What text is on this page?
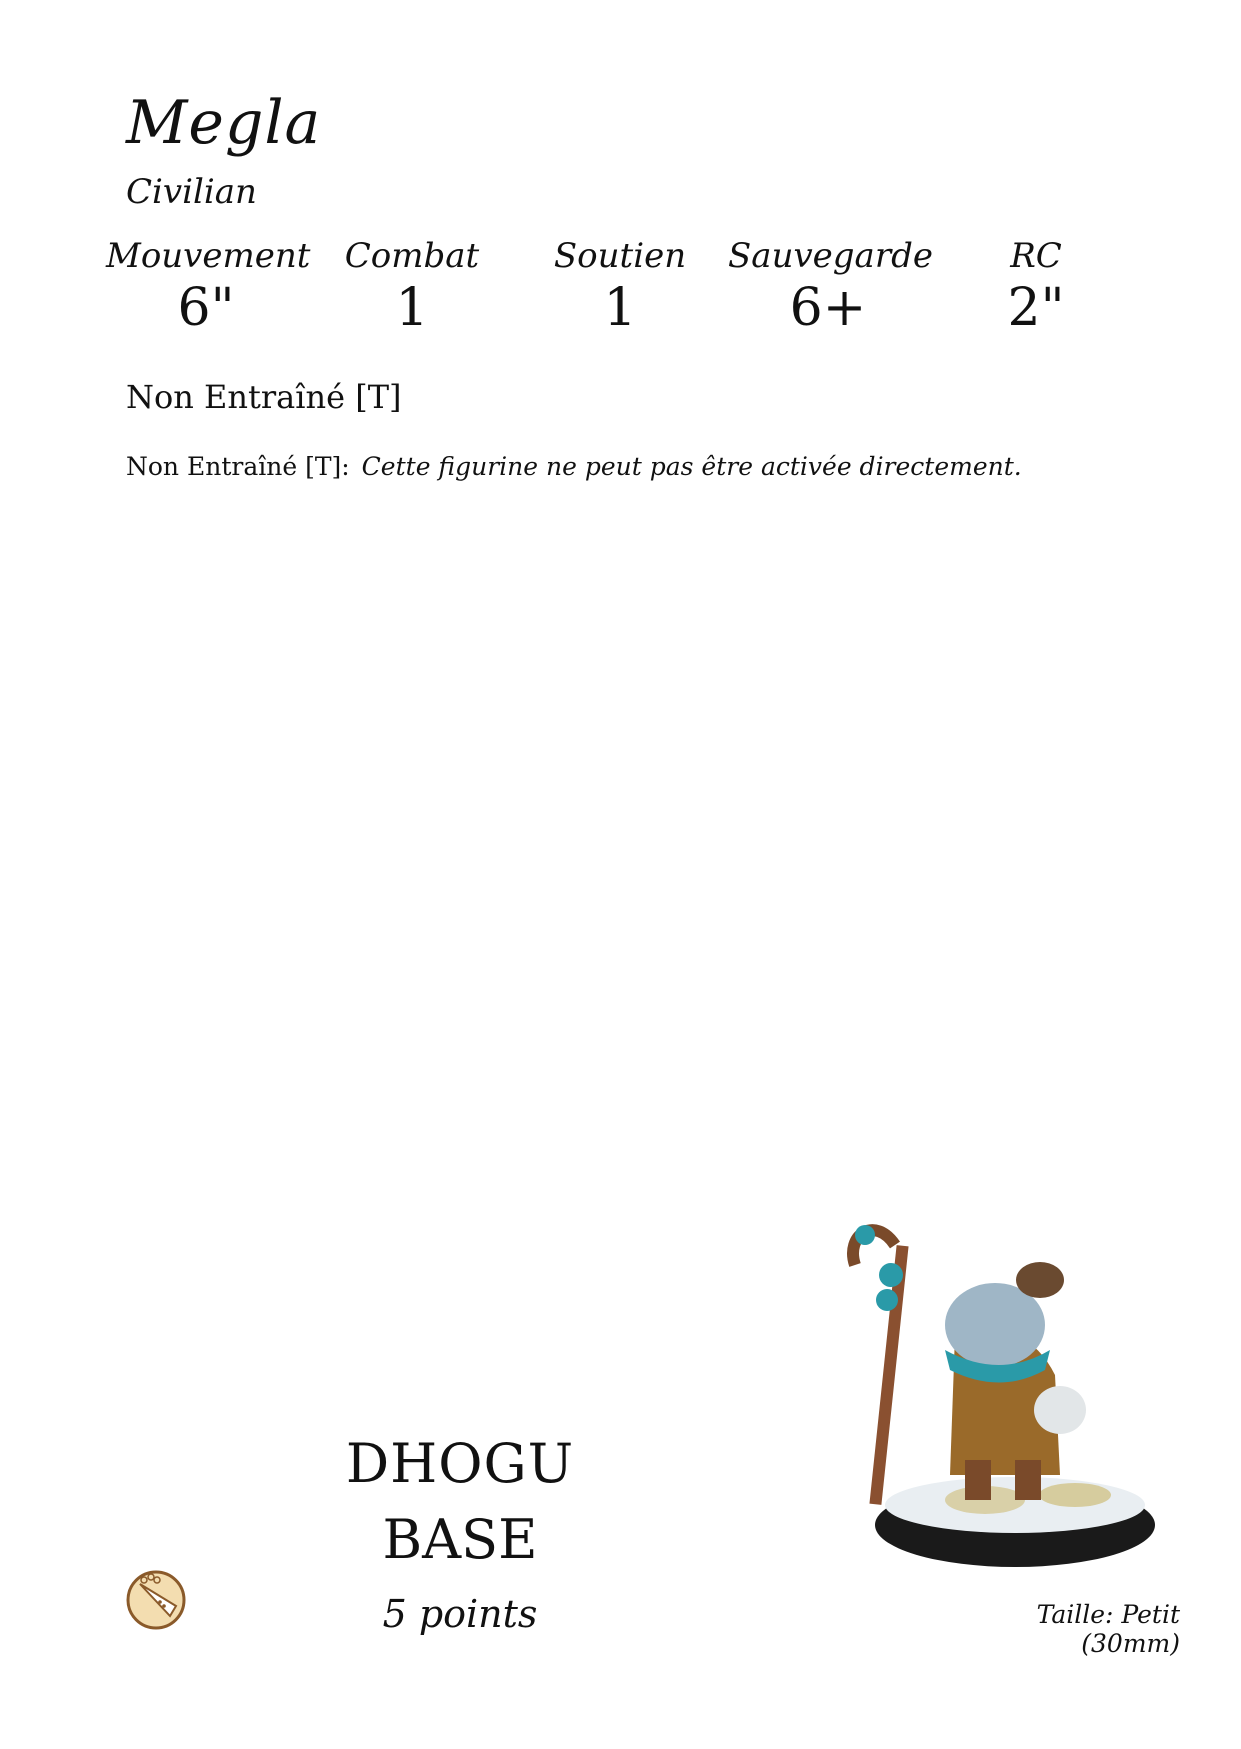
Megla
Civilian
Mouvement
6"
Combat
1
Soutien
1
Sauvegarde
6+
RC
2"
Non Entraîné [T]
Non Entraîné [T]: Cette figurine ne peut pas être activée directement.
DHOGU
BASE
5 points	Taille: Petit (30mm)
